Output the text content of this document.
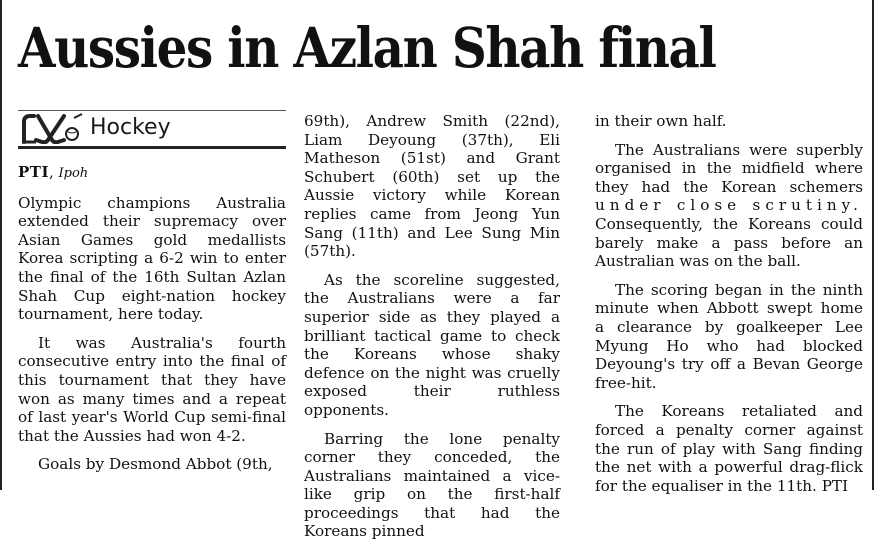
Aussies in Azlan Shah final
Hockey

PTI, Ipoh

Olympic champions Australia extended their supremacy over Asian Games gold medallists Korea scripting a 6-2 win to enter the final of the 16th Sultan Azlan Shah Cup eight-nation hockey tournament, here today.

It was Australia's fourth consecutive entry into the final of this tournament that they have won as many times and a repeat of last year's World Cup semi-final that the Aussies had won 4-2.

Goals by Desmond Abbot (9th,

69th), Andrew Smith (22nd), Liam Deyoung (37th), Eli Matheson (51st) and Grant Schubert (60th) set up the Aussie victory while Korean replies came from Jeong Yun Sang (11th) and Lee Sung Min (57th).

As the scoreline suggested, the Australians were a far superior side as they played a brilliant tactical game to check the Koreans whose shaky defence on the night was cruelly exposed their ruthless opponents.

Barring the lone penalty corner they conceded, the Australians maintained a vice-like grip on the first-half proceedings that had the Koreans pinned

in their own half.

The Australians were superbly organised in the midfield where they had the Korean schemers under close scrutiny. Consequently, the Koreans could barely make a pass before an Australian was on the ball.

The scoring began in the ninth minute when Abbott swept home a clearance by goalkeeper Lee Myung Ho who had blocked Deyoung's try off a Bevan George free-hit.

The Koreans retaliated and forced a penalty corner against the run of play with Sang finding the net with a powerful drag-flick for the equaliser in the 11th. PTI
